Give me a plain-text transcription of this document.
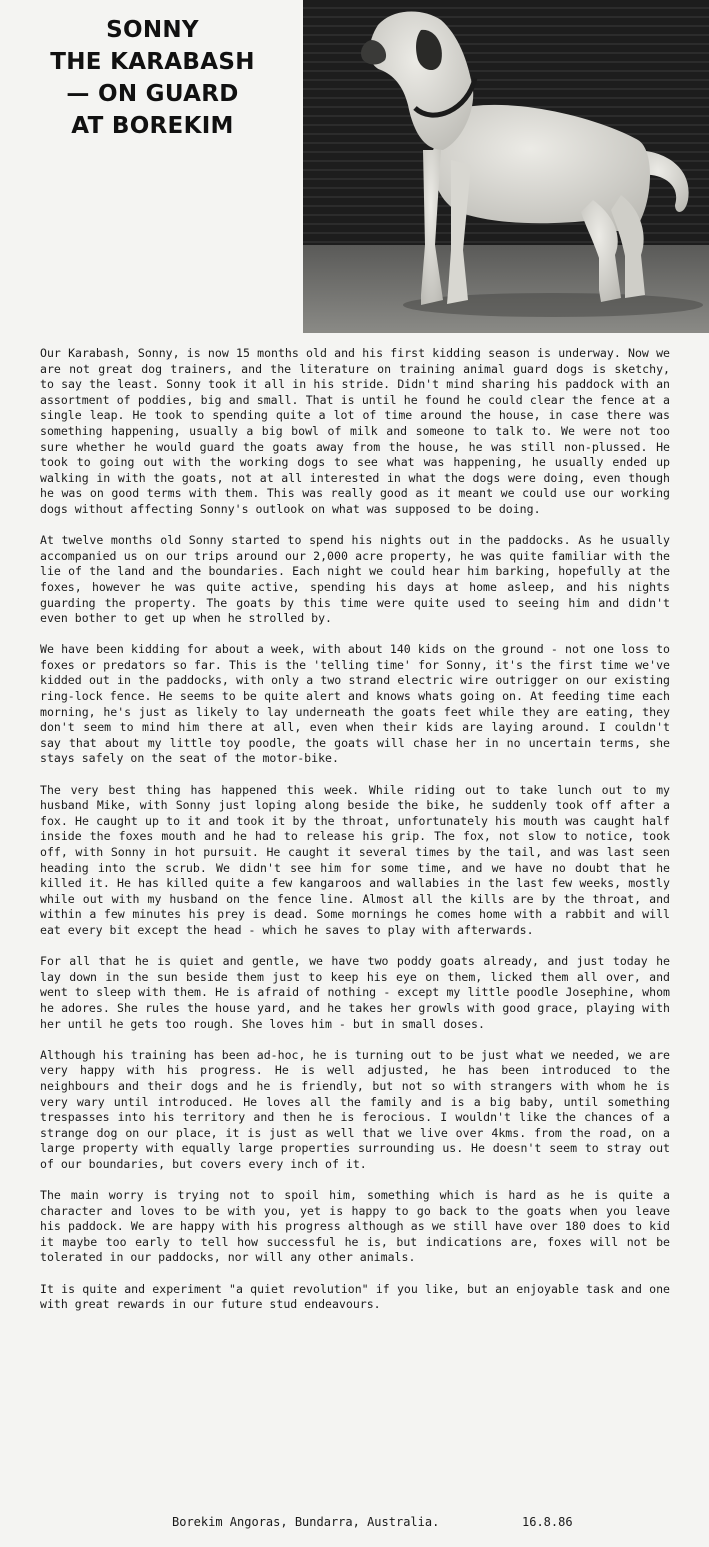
SONNY
THE KARABASH
— ON GUARD
AT BOREKIM

Our Karabash, Sonny, is now 15 months old and his first kidding season is underway. Now we are not great dog trainers, and the literature on training animal guard dogs is sketchy, to say the least. Sonny took it all in his stride. Didn't mind sharing his paddock with an assortment of poddies, big and small. That is until he found he could clear the fence at a single leap. He took to spending quite a lot of time around the house, in case there was something happening, usually a big bowl of milk and someone to talk to. We were not too sure whether he would guard the goats away from the house, he was still non-plussed. He took to going out with the working dogs to see what was happening, he usually ended up walking in with the goats, not at all interested in what the dogs were doing, even though he was on good terms with them. This was really good as it meant we could use our working dogs without affecting Sonny's outlook on what was supposed to be doing.

At twelve months old Sonny started to spend his nights out in the paddocks. As he usually accompanied us on our trips around our 2,000 acre property, he was quite familiar with the lie of the land and the boundaries. Each night we could hear him barking, hopefully at the foxes, however he was quite active, spending his days at home asleep, and his nights guarding the property. The goats by this time were quite used to seeing him and didn't even bother to get up when he strolled by.

We have been kidding for about a week, with about 140 kids on the ground - not one loss to foxes or predators so far. This is the 'telling time' for Sonny, it's the first time we've kidded out in the paddocks, with only a two strand electric wire outrigger on our existing ring-lock fence. He seems to be quite alert and knows whats going on. At feeding time each morning, he's just as likely to lay underneath the goats feet while they are eating, they don't seem to mind him there at all, even when their kids are laying around. I couldn't say that about my little toy poodle, the goats will chase her in no uncertain terms, she stays safely on the seat of the motor-bike.

The very best thing has happened this week. While riding out to take lunch out to my husband Mike, with Sonny just loping along beside the bike, he suddenly took off after a fox. He caught up to it and took it by the throat, unfortunately his mouth was caught half inside the foxes mouth and he had to release his grip. The fox, not slow to notice, took off, with Sonny in hot pursuit. He caught it several times by the tail, and was last seen heading into the scrub. We didn't see him for some time, and we have no doubt that he killed it. He has killed quite a few kangaroos and wallabies in the last few weeks, mostly while out with my husband on the fence line. Almost all the kills are by the throat, and within a few minutes his prey is dead. Some mornings he comes home with a rabbit and will eat every bit except the head - which he saves to play with afterwards.

For all that he is quiet and gentle, we have two poddy goats already, and just today he lay down in the sun beside them just to keep his eye on them, licked them all over, and went to sleep with them. He is afraid of nothing - except my little poodle Josephine, whom he adores. She rules the house yard, and he takes her growls with good grace, playing with her until he gets too rough. She loves him - but in small doses.

Although his training has been ad-hoc, he is turning out to be just what we needed, we are very happy with his progress. He is well adjusted, he has been introduced to the neighbours and their dogs and he is friendly, but not so with strangers with whom he is very wary until introduced. He loves all the family and is a big baby, until something trespasses into his territory and then he is ferocious. I wouldn't like the chances of a strange dog on our place, it is just as well that we live over 4kms. from the road, on a large property with equally large properties surrounding us. He doesn't seem to stray out of our boundaries, but covers every inch of it.

The main worry is trying not to spoil him, something which is hard as he is quite a character and loves to be with you, yet is happy to go back to the goats when you leave his paddock. We are happy with his progress although as we still have over 180 does to kid it maybe too early to tell how successful he is, but indications are, foxes will not be tolerated in our paddocks, nor will any other animals.

It is quite and experiment "a quiet revolution" if you like, but an enjoyable task and one with great rewards in our future stud endeavours.

Borekim Angoras, Bundarra, Australia.	16.8.86
